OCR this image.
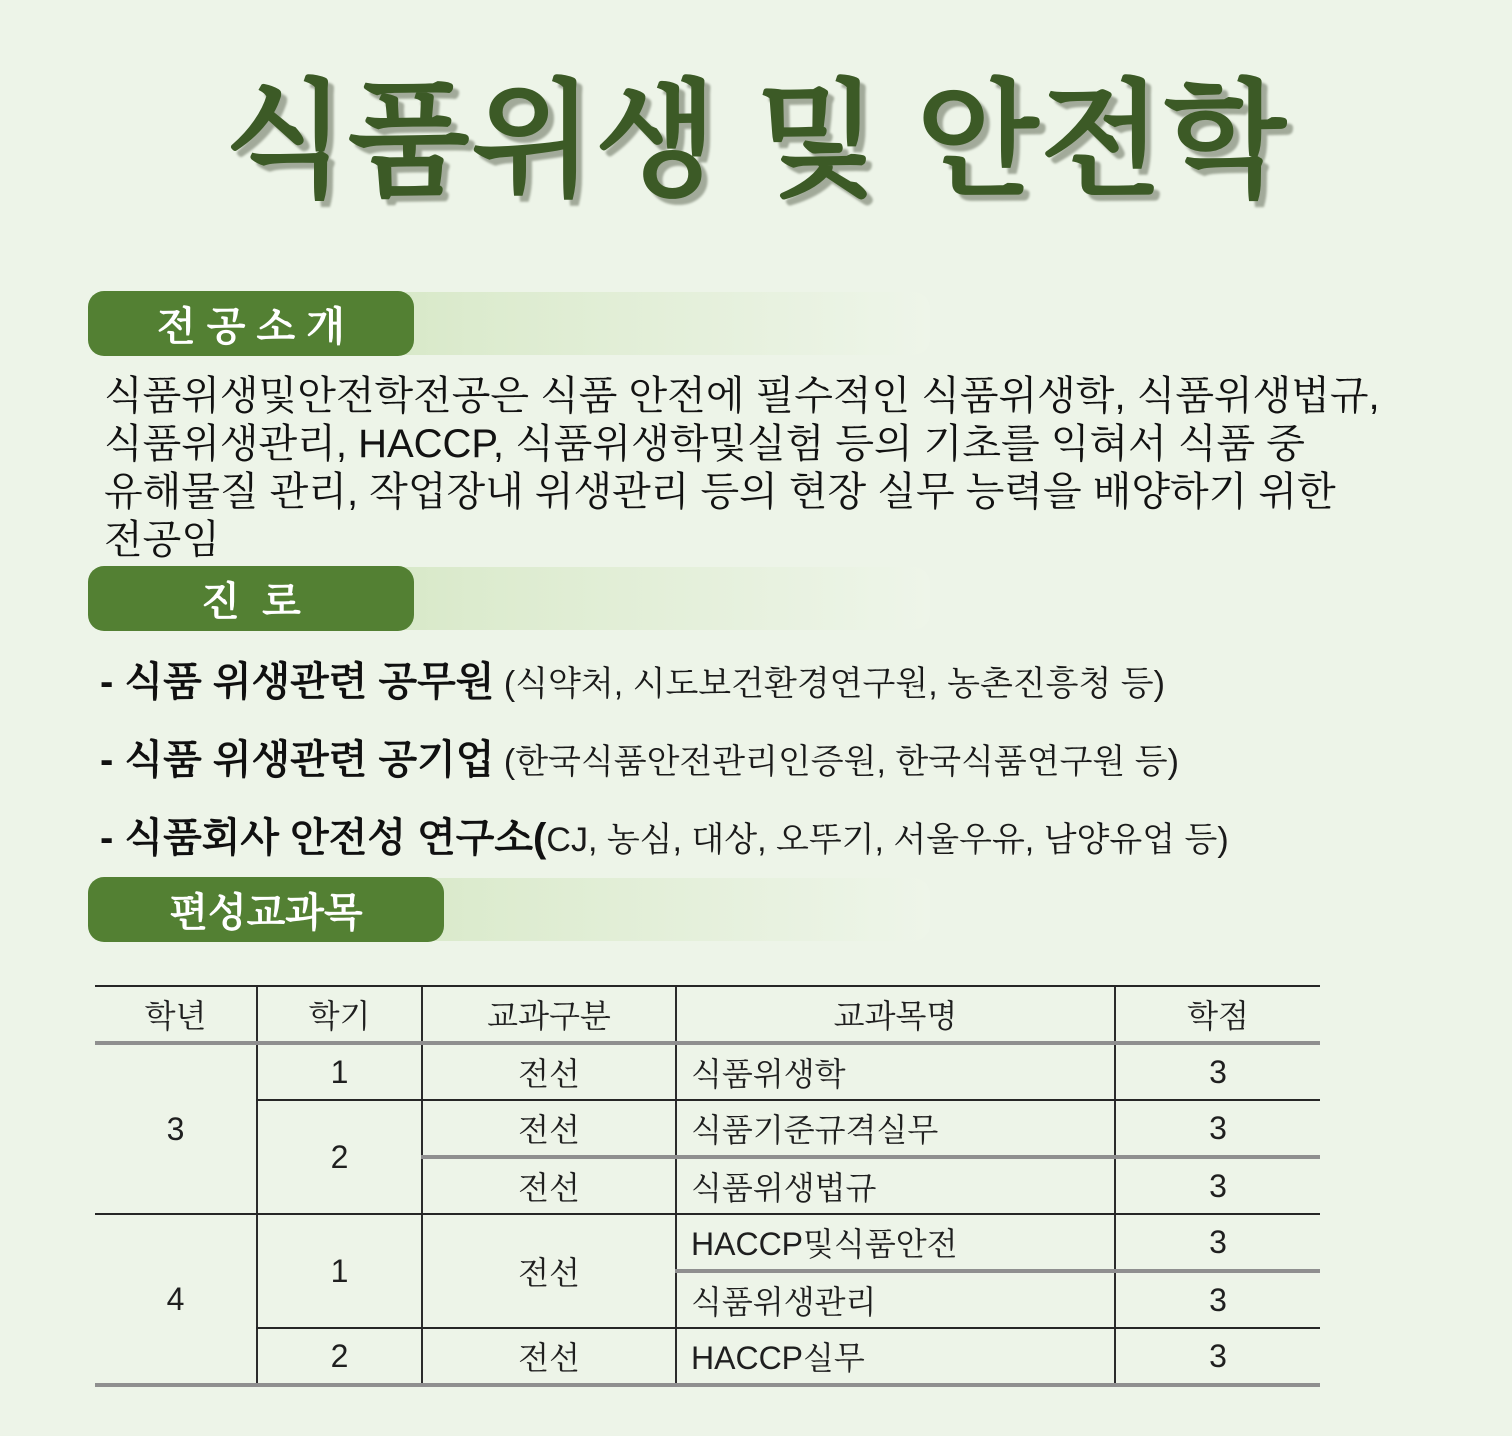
식품위생 및 안전학
전 공 소 개
식품위생및안전학전공은 식품 안전에 필수적인 식품위생학, 식품위생법규,
식품위생관리, HACCP, 식품위생학및실험 등의 기초를 익혀서 식품 중
유해물질 관리, 작업장내 위생관리 등의 현장 실무 능력을 배양하기 위한
전공임
진  로
- 식품 위생관련 공무원 (식약처, 시도보건환경연구원, 농촌진흥청 등)
- 식품 위생관련 공기업 (한국식품안전관리인증원, 한국식품연구원 등)
- 식품회사 안전성 연구소(CJ, 농심, 대상, 오뚜기, 서울우유, 남양유업 등)
편성교과목
학년	학기	교과구분	교과목명	학점
3	1	전선	식품위생학	3
	2	전선	식품기준규격실무	3
		전선	식품위생법규	3
4	1	전선	HACCP및식품안전	3
			식품위생관리	3
	2	전선	HACCP실무	3
